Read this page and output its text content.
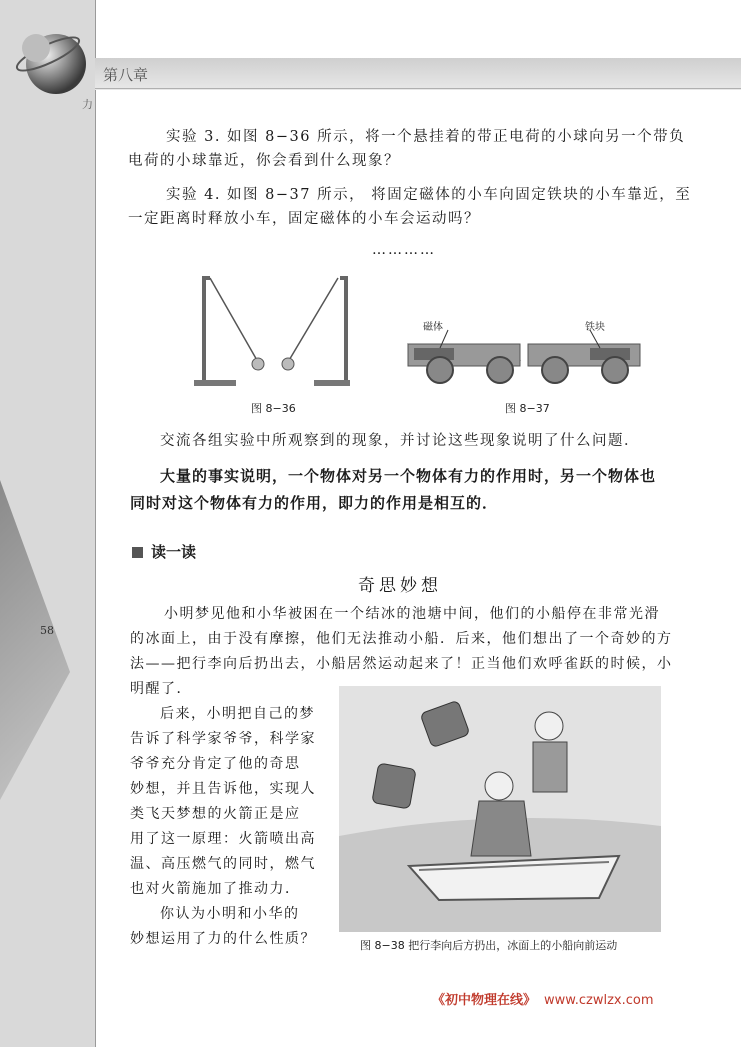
第八章
力
58
实验 3. 如图 8−36 所示，将一个悬挂着的带正电荷的小球向另一个带负
电荷的小球靠近，你会看到什么现象？
实验 4. 如图 8−37 所示， 将固定磁体的小车向固定铁块的小车靠近，至
一定距离时释放小车，固定磁体的小车会运动吗？
…………
图 8−36
磁体	铁块
图 8−37
交流各组实验中所观察到的现象，并讨论这些现象说明了什么问题．
大量的事实说明，一个物体对另一个物体有力的作用时，另一个物体也
同时对这个物体有力的作用，即力的作用是相互的．
读一读
奇思妙想
小明梦见他和小华被困在一个结冰的池塘中间，他们的小船停在非常光滑
的冰面上，由于没有摩擦，他们无法推动小船．后来，他们想出了一个奇妙的方
法——把行李向后扔出去，小船居然运动起来了！正当他们欢呼雀跃的时候，小
明醒了．
后来，小明把自己的梦
告诉了科学家爷爷，科学家
爷爷充分肯定了他的奇思
妙想，并且告诉他，实现人
类飞天梦想的火箭正是应
用了这一原理：火箭喷出高
温、高压燃气的同时，燃气
也对火箭施加了推动力．
你认为小明和小华的
妙想运用了力的什么性质？	图 8−38 把行李向后方扔出，冰面上的小船向前运动
《初中物理在线》 www.czwlzx.com
